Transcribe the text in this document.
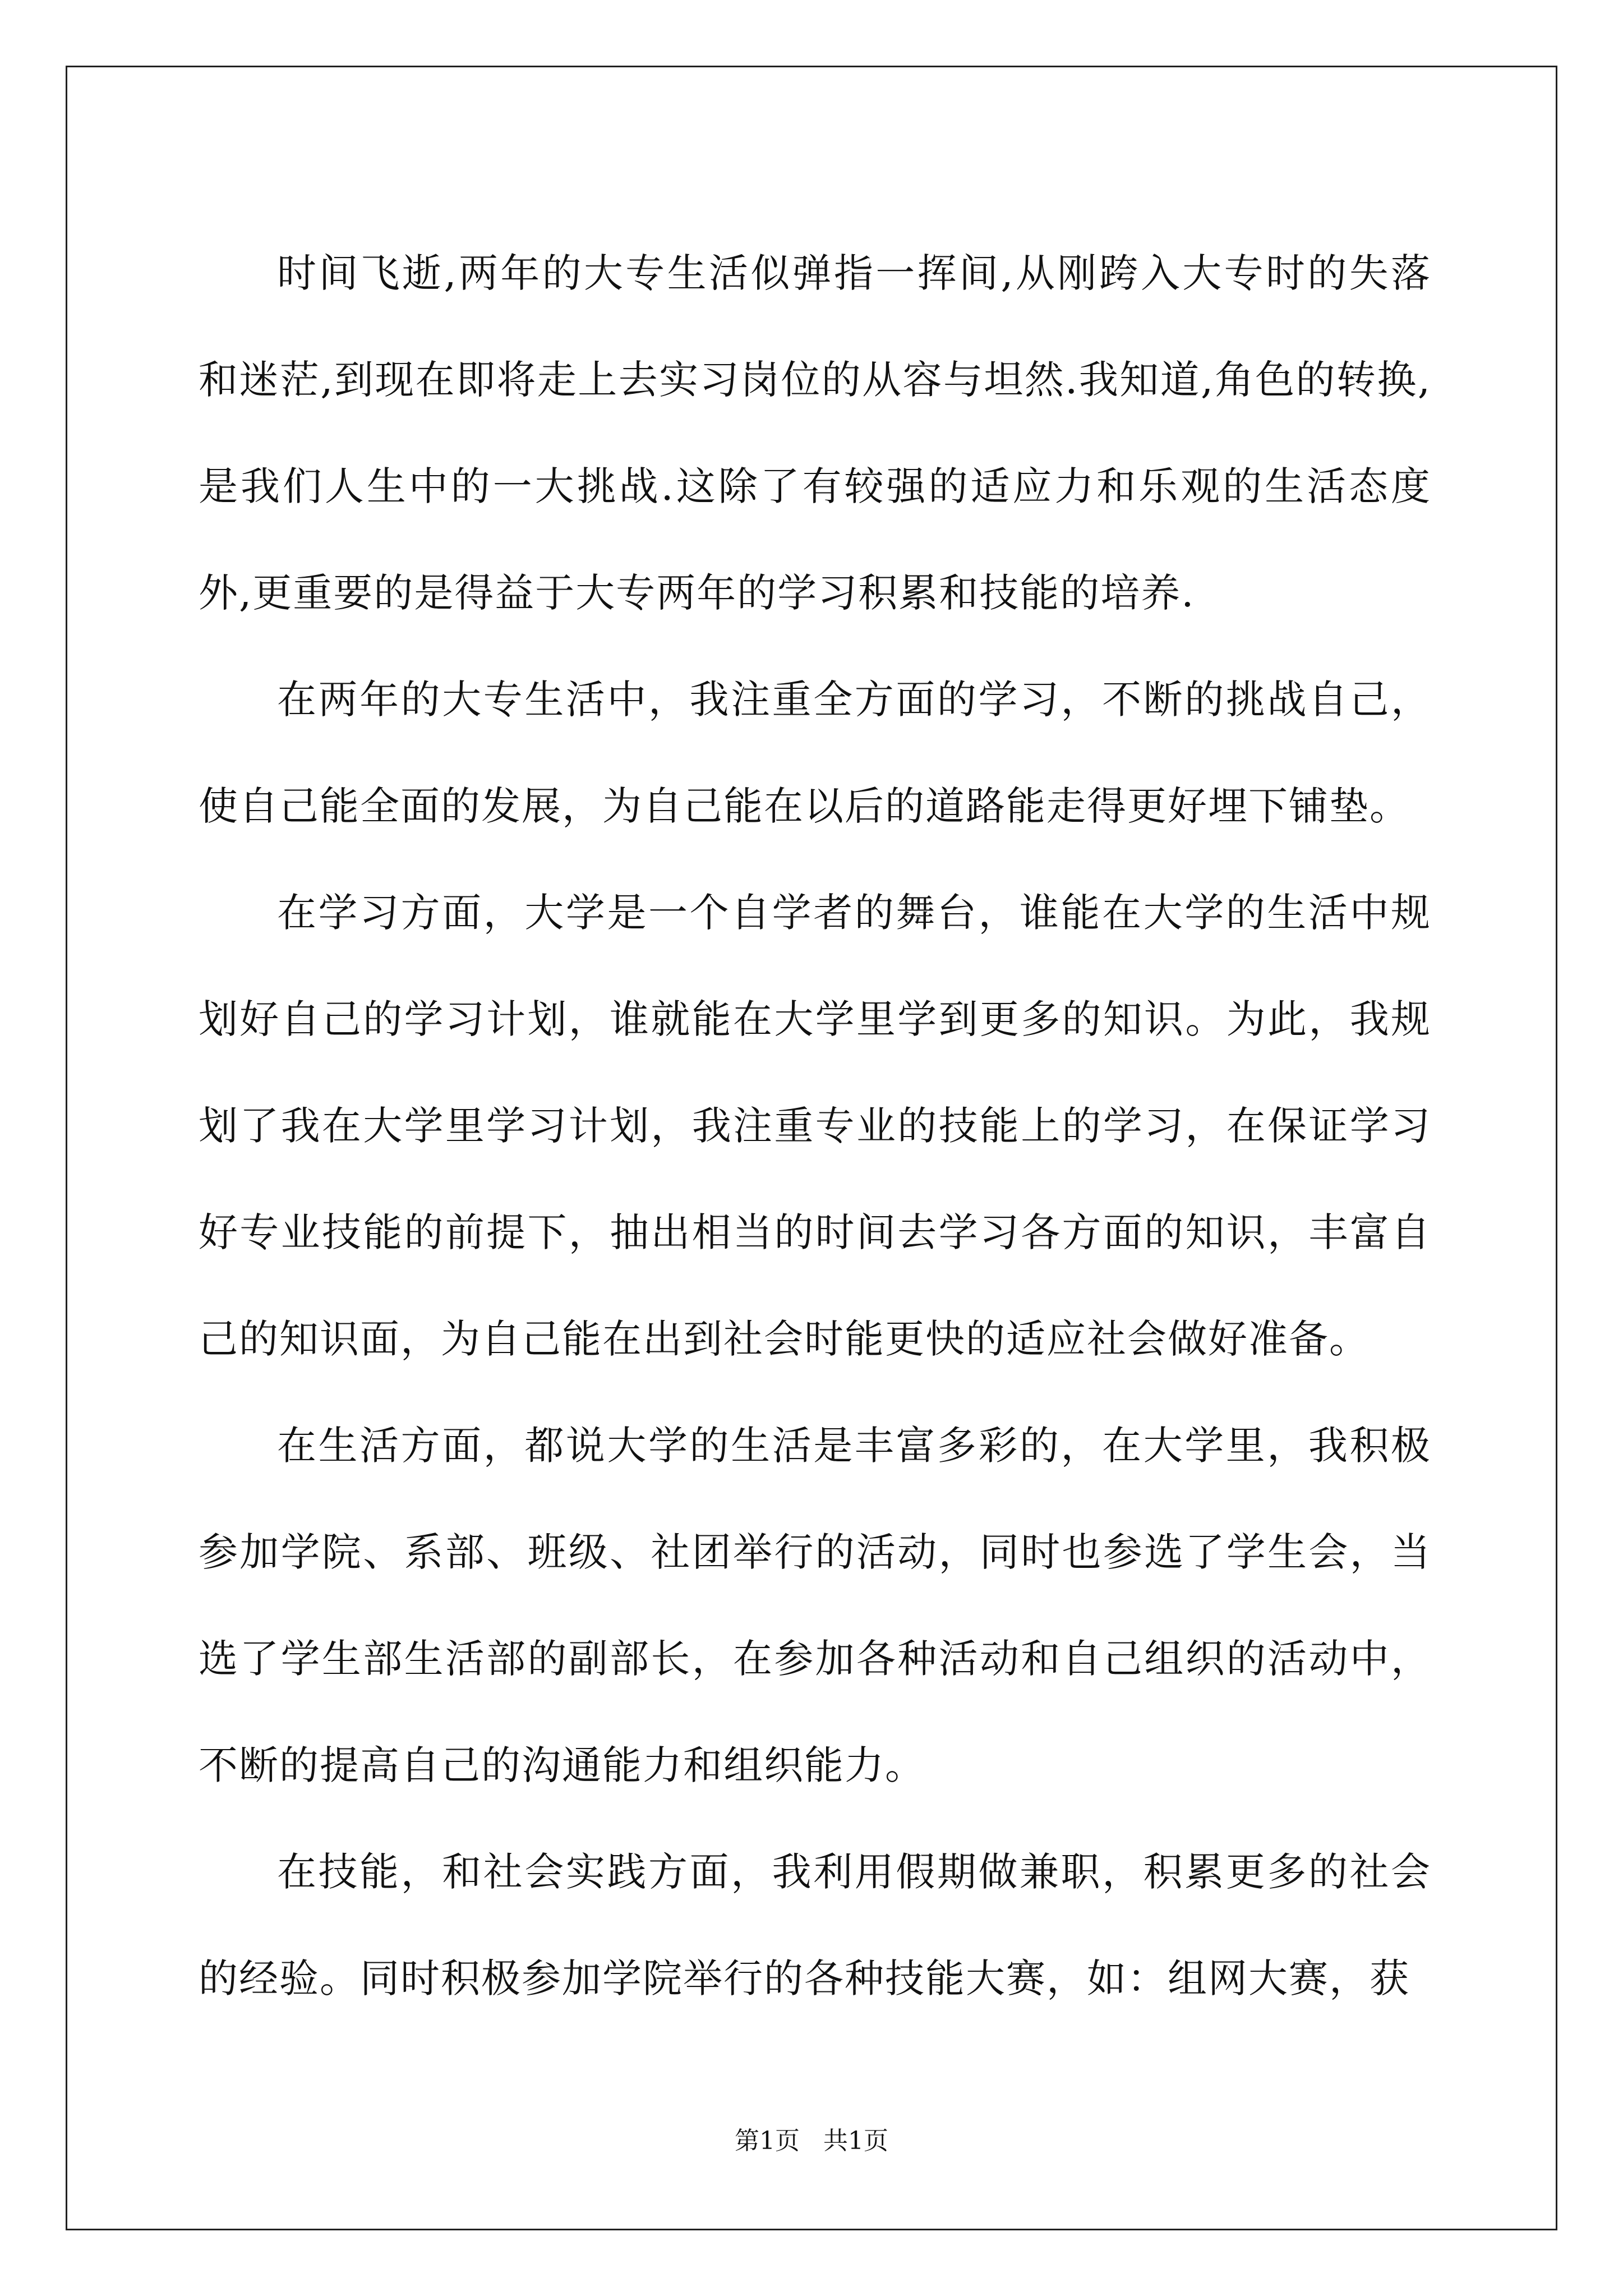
时间飞逝,两年的大专生活似弹指一挥间,从刚跨入大专时的失落和迷茫,到现在即将走上去实习岗位的从容与坦然.我知道,角色的转换,是我们人生中的一大挑战.这除了有较强的适应力和乐观的生活态度外,更重要的是得益于大专两年的学习积累和技能的培养.

在两年的大专生活中，我注重全方面的学习，不断的挑战自己，使自己能全面的发展，为自己能在以后的道路能走得更好埋下铺垫。

在学习方面，大学是一个自学者的舞台，谁能在大学的生活中规划好自己的学习计划，谁就能在大学里学到更多的知识。为此，我规划了我在大学里学习计划，我注重专业的技能上的学习，在保证学习好专业技能的前提下，抽出相当的时间去学习各方面的知识，丰富自己的知识面，为自己能在出到社会时能更快的适应社会做好准备。

在生活方面，都说大学的生活是丰富多彩的，在大学里，我积极参加学院、系部、班级、社团举行的活动，同时也参选了学生会，当选了学生部生活部的副部长，在参加各种活动和自己组织的活动中，不断的提高自己的沟通能力和组织能力。

在技能，和社会实践方面，我利用假期做兼职，积累更多的社会的经验。同时积极参加学院举行的各种技能大赛，如：组网大赛，获

第1页 共1页
